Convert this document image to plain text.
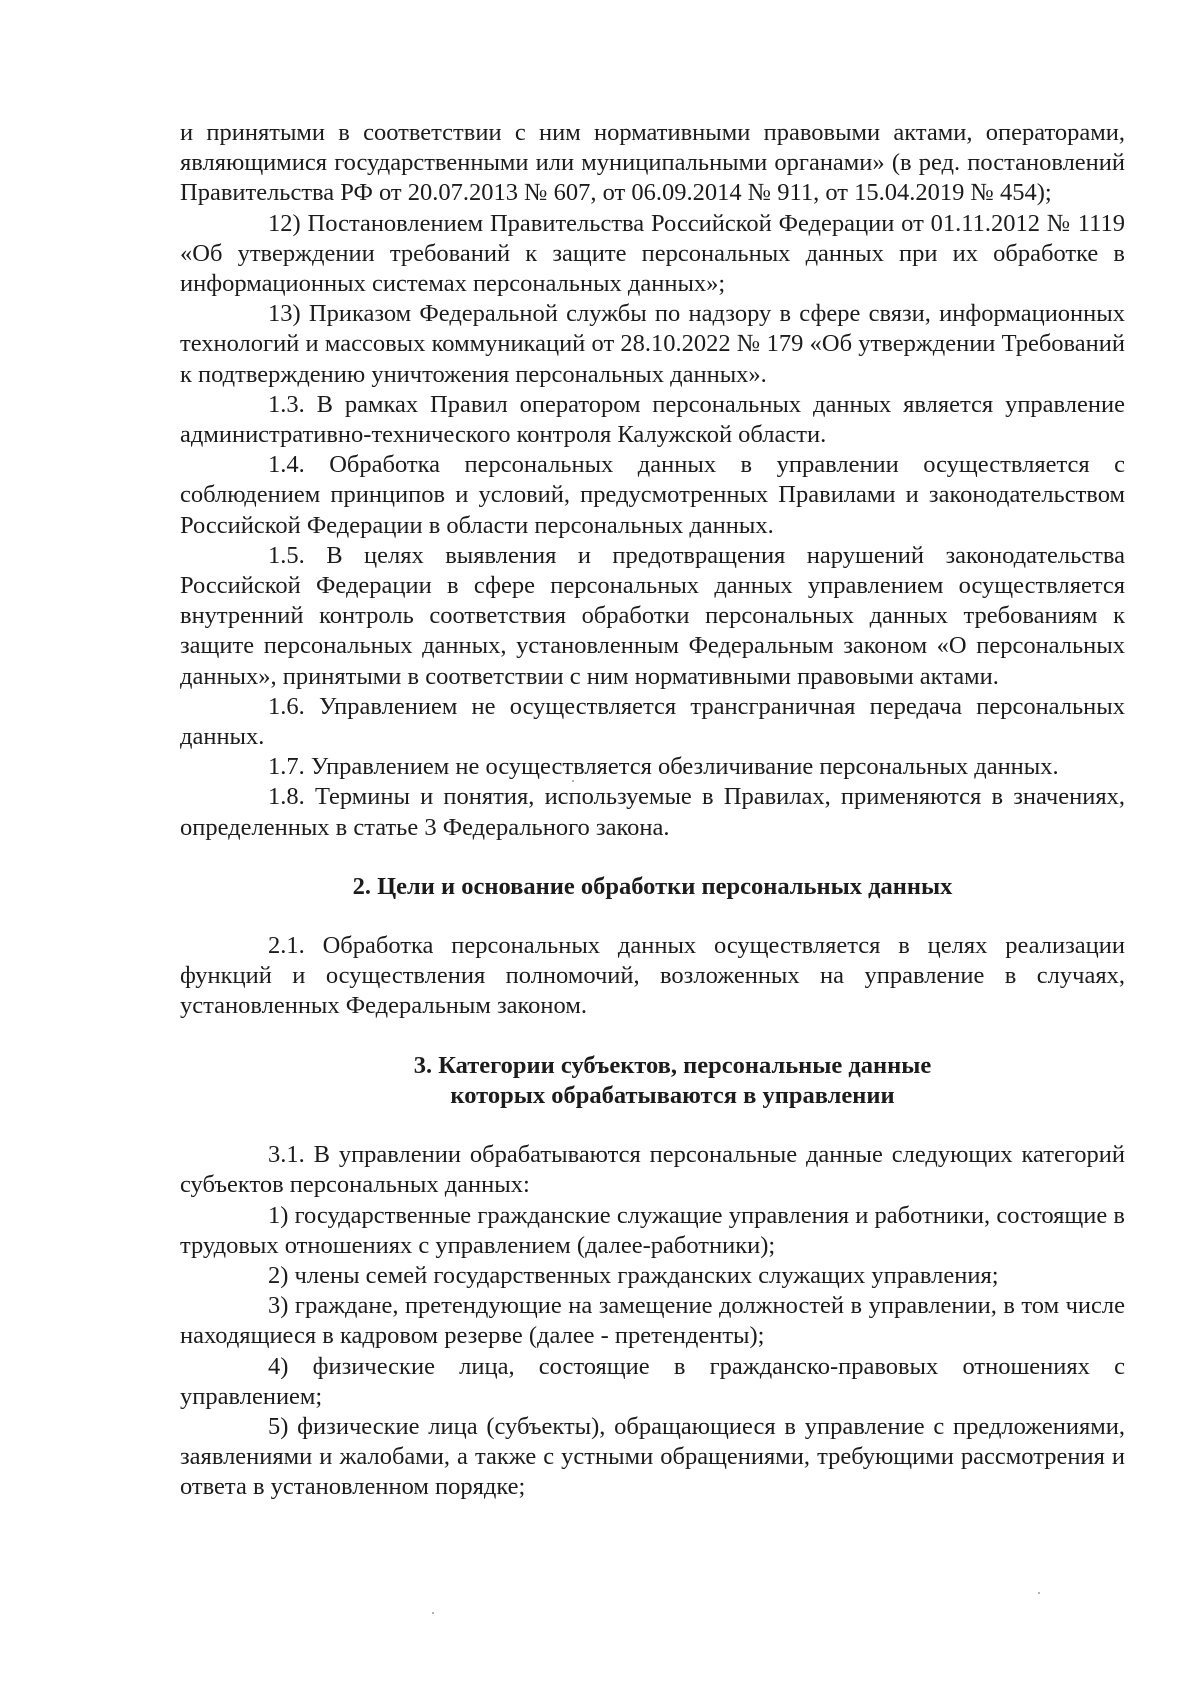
и принятыми в соответствии с ним нормативными правовыми актами, операторами, являющимися государственными или муниципальными органами» (в ред. постановлений Правительства РФ от 20.07.2013 № 607, от 06.09.2014 № 911, от 15.04.2019 № 454);

12) Постановлением Правительства Российской Федерации от 01.11.2012 № 1119 «Об утверждении требований к защите персональных данных при их обработке в информационных системах персональных данных»;

13) Приказом Федеральной службы по надзору в сфере связи, информационных технологий и массовых коммуникаций от 28.10.2022 № 179 «Об утверждении Требований к подтверждению уничтожения персональных данных».

1.3. В рамках Правил оператором персональных данных является управление административно-технического контроля Калужской области.

1.4. Обработка персональных данных в управлении осуществляется с соблюдением принципов и условий, предусмотренных Правилами и законодательством Российской Федерации в области персональных данных.

1.5. В целях выявления и предотвращения нарушений законодательства Российской Федерации в сфере персональных данных управлением осуществляется внутренний контроль соответствия обработки персональных данных требованиям к защите персональных данных, установленным Федеральным законом «О персональных данных», принятыми в соответствии с ним нормативными правовыми актами.

1.6. Управлением не осуществляется трансграничная передача персональных данных.

1.7. Управлением не осуществляется обезличивание персональных данных.

1.8. Термины и понятия, используемые в Правилах, применяются в значениях, определенных в статье 3 Федерального закона.

2. Цели и основание обработки персональных данных

2.1. Обработка персональных данных осуществляется в целях реализации функций и осуществления полномочий, возложенных на управление в случаях, установленных Федеральным законом.

3. Категории субъектов, персональные данные
которых обрабатываются в управлении

3.1. В управлении обрабатываются персональные данные следующих категорий субъектов персональных данных:

1) государственные гражданские служащие управления и работники, состоящие в трудовых отношениях с управлением (далее-работники);

2) члены семей государственных гражданских служащих управления;

3) граждане, претендующие на замещение должностей в управлении, в том числе находящиеся в кадровом резерве (далее - претенденты);

4) физические лица, состоящие в гражданско-правовых отношениях с управлением;

5) физические лица (субъекты), обращающиеся в управление с предложениями, заявлениями и жалобами, а также с устными обращениями, требующими рассмотрения и ответа в установленном порядке;
